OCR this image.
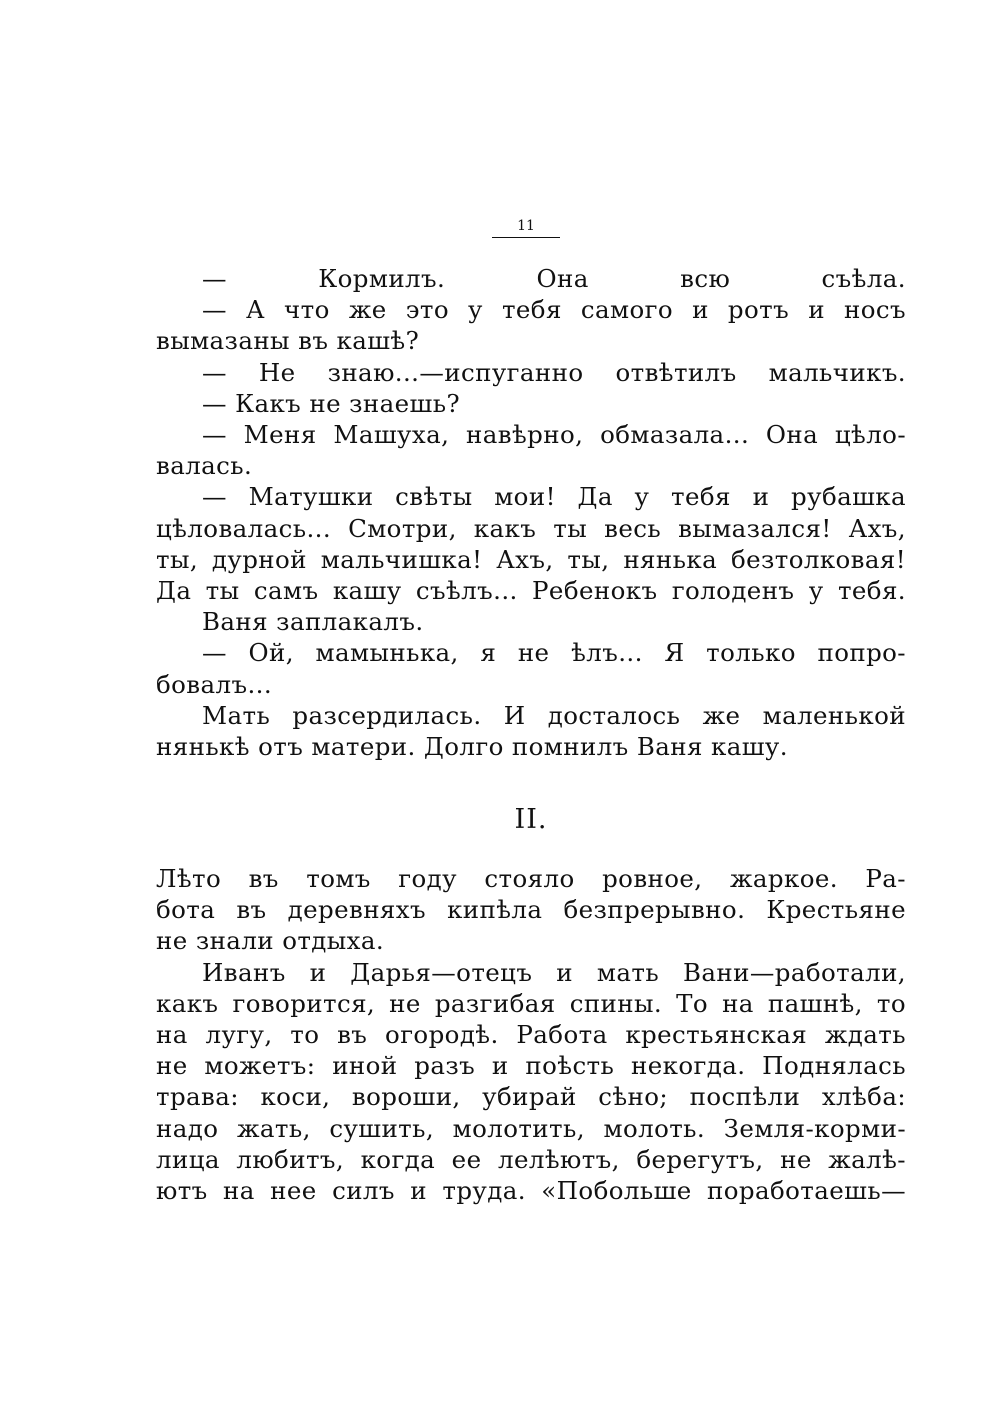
11
— Кормилъ. Она всю съѣла.
— А что же это у тебя самого и ротъ и носъ
вымазаны въ кашѣ?
— Не знаю...—испуганно отвѣтилъ мальчикъ.
— Какъ не знаешь?
— Меня Машуха, навѣрно, обмазала... Она цѣло-
валась.
— Матушки свѣты мои! Да у тебя и рубашка
цѣловалась... Смотри, какъ ты весь вымазался! Ахъ,
ты, дурной мальчишка! Ахъ, ты, нянька безтолковая!
Да ты самъ кашу съѣлъ... Ребенокъ голоденъ у тебя.
Ваня заплакалъ.
— Ой, мамынька, я не ѣлъ... Я только попро-
бовалъ...
Мать разсердилась. И досталось же маленькой
нянькѣ отъ матери. Долго помнилъ Ваня кашу.
II.
Лѣто въ томъ году стояло ровное, жаркое. Ра-
бота въ деревняхъ кипѣла безпрерывно. Крестьяне
не знали отдыха.
Иванъ и Дарья—отецъ и мать Вани—работали,
какъ говорится, не разгибая спины. То на пашнѣ, то
на лугу, то въ огородѣ. Работа крестьянская ждать
не можетъ: иной разъ и поѣсть некогда. Поднялась
трава: коси, вороши, убирай сѣно; поспѣли хлѣба:
надо жать, сушить, молотить, молоть. Земля-корми-
лица любитъ, когда ее лелѣютъ, берегутъ, не жалѣ-
ютъ на нее силъ и труда. «Побольше поработаешь—
